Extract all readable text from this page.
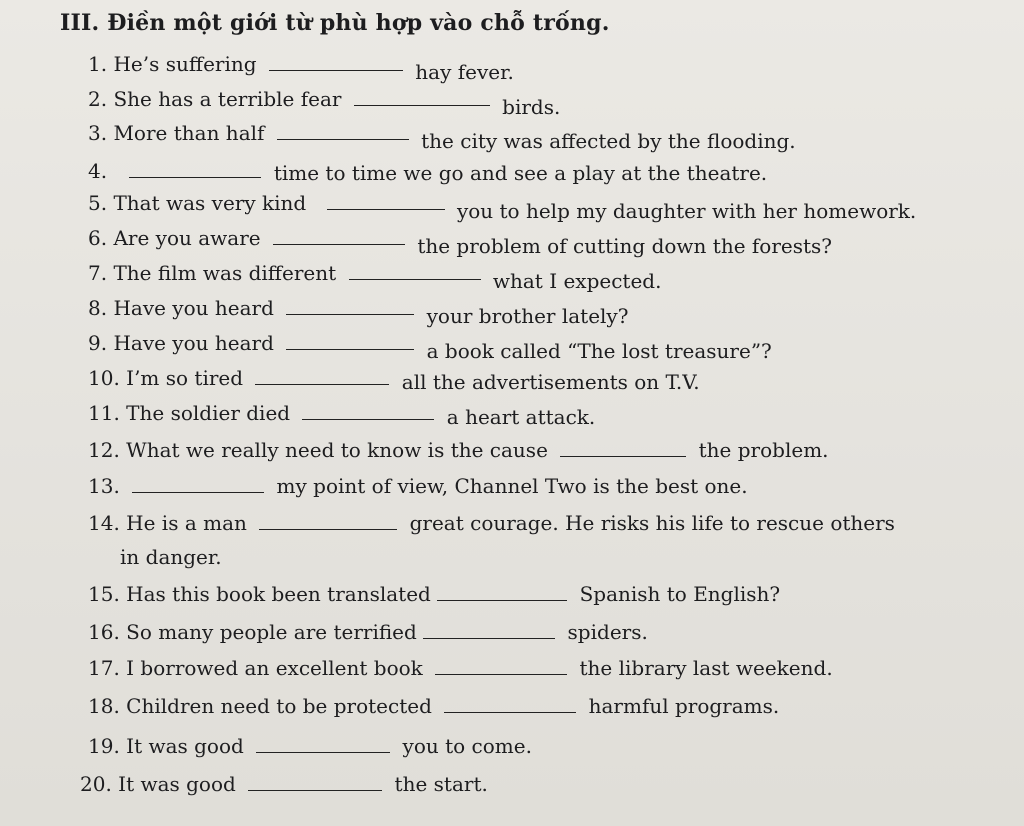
III. Điền một giới từ phù hợp vào chỗ trống.
1. He’s suffering	hay fever.
2. She has a terrible fear	birds.
3. More than half	the city was affected by the flooding.
4.	time to time we go and see a play at the theatre.
5. That was very kind	you to help my daughter with her homework.
6. Are you aware	the problem of cutting down the forests?
7. The film was different	what I expected.
8. Have you heard	your brother lately?
9. Have you heard	a book called “The lost treasure”?
10. I’m so tired	all the advertisements on T.V.
11. The soldier died	a heart attack.
12. What we really need to know is the cause	the problem.
13.	my point of view, Channel Two is the best one.
14. He is a man	great courage. He risks his life to rescue others
in danger.
15. Has this book been translated	Spanish to English?
16. So many people are terrified	spiders.
17. I borrowed an excellent book	the library last weekend.
18. Children need to be protected	harmful programs.
19. It was good	you to come.
20. It was good	the start.
